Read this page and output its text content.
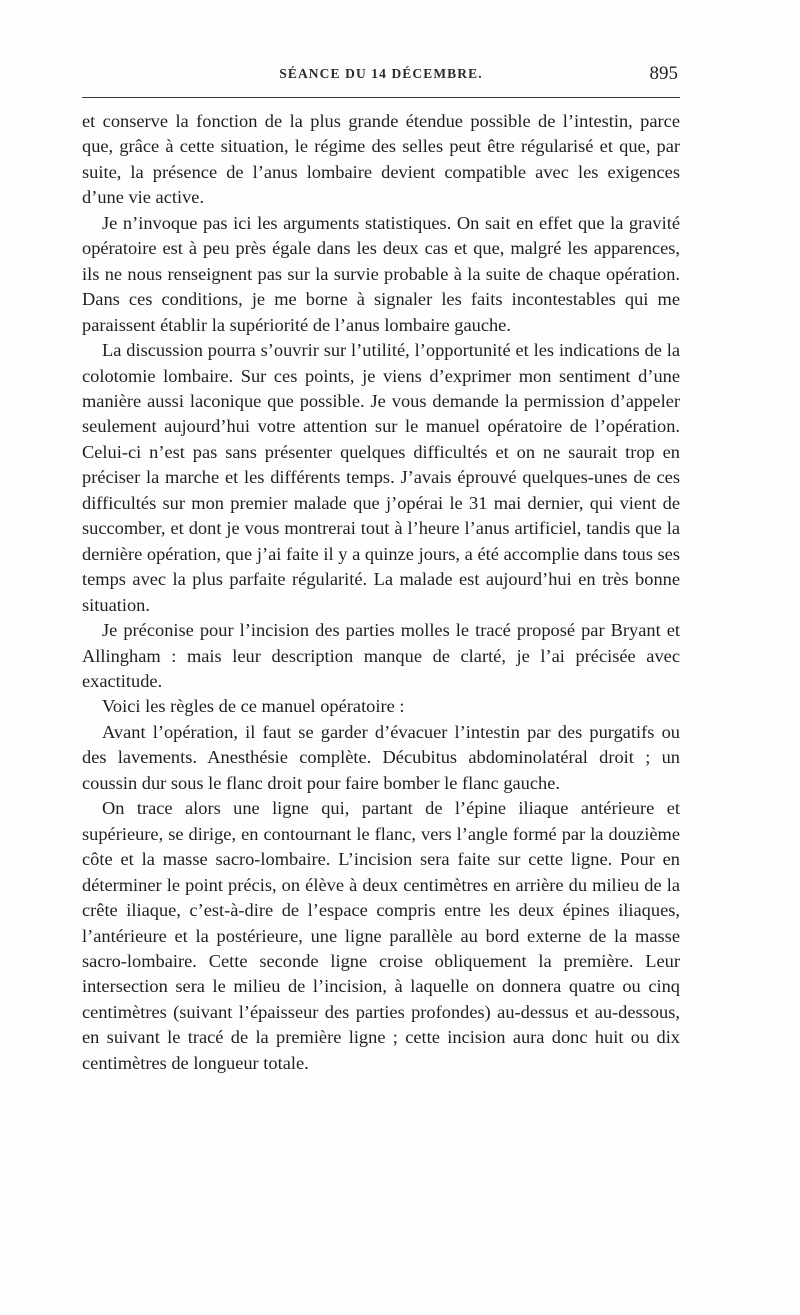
SÉANCE DU 14 DÉCEMBRE.	895

et conserve la fonction de la plus grande étendue possible de l’intestin, parce que, grâce à cette situation, le régime des selles peut être régularisé et que, par suite, la présence de l’anus lombaire devient compatible avec les exigences d’une vie active.

Je n’invoque pas ici les arguments statistiques. On sait en effet que la gravité opératoire est à peu près égale dans les deux cas et que, malgré les apparences, ils ne nous renseignent pas sur la survie probable à la suite de chaque opération. Dans ces conditions, je me borne à signaler les faits incontestables qui me paraissent établir la supériorité de l’anus lombaire gauche.

La discussion pourra s’ouvrir sur l’utilité, l’opportunité et les indications de la colotomie lombaire. Sur ces points, je viens d’exprimer mon sentiment d’une manière aussi laconique que possible. Je vous demande la permission d’appeler seulement aujourd’hui votre attention sur le manuel opératoire de l’opération. Celui-ci n’est pas sans présenter quelques difficultés et on ne saurait trop en préciser la marche et les différents temps. J’avais éprouvé quelques-unes de ces difficultés sur mon premier malade que j’opérai le 31 mai dernier, qui vient de succomber, et dont je vous montrerai tout à l’heure l’anus artificiel, tandis que la dernière opération, que j’ai faite il y a quinze jours, a été accomplie dans tous ses temps avec la plus parfaite régularité. La malade est aujourd’hui en très bonne situation.

Je préconise pour l’incision des parties molles le tracé proposé par Bryant et Allingham : mais leur description manque de clarté, je l’ai précisée avec exactitude.

Voici les règles de ce manuel opératoire :

Avant l’opération, il faut se garder d’évacuer l’intestin par des purgatifs ou des lavements. Anesthésie complète. Décubitus abdominolatéral droit ; un coussin dur sous le flanc droit pour faire bomber le flanc gauche.

On trace alors une ligne qui, partant de l’épine iliaque antérieure et supérieure, se dirige, en contournant le flanc, vers l’angle formé par la douzième côte et la masse sacro-lombaire. L’incision sera faite sur cette ligne. Pour en déterminer le point précis, on élève à deux centimètres en arrière du milieu de la crête iliaque, c’est-à-dire de l’espace compris entre les deux épines iliaques, l’antérieure et la postérieure, une ligne parallèle au bord externe de la masse sacro-lombaire. Cette seconde ligne croise obliquement la première. Leur intersection sera le milieu de l’incision, à laquelle on donnera quatre ou cinq centimètres (suivant l’épaisseur des parties profondes) au-dessus et au-dessous, en suivant le tracé de la première ligne ; cette incision aura donc huit ou dix centimètres de longueur totale.
